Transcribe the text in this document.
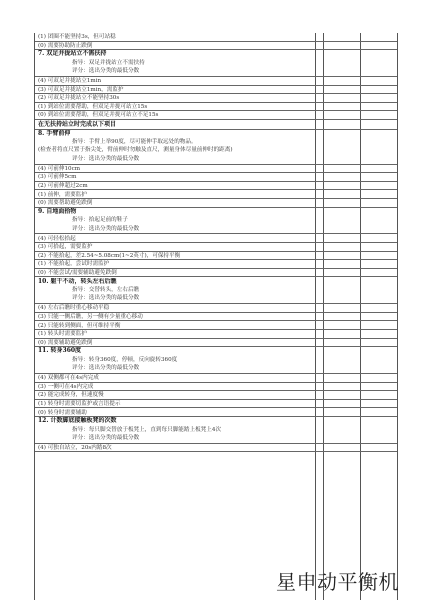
(1) 团圈不能坚持3s，但可站稳
(0) 需要协助防止跌倒
7. 双足并拢站立不需扶持
指导：双足并拢站立不需扶持
评分：选出分类的最低分数
(4) 可双足并拢站立1min
(3) 可双足并拢站立1min，需监护
(2) 可双足并拢站立不能坚持30s
(1) 到站位需要帮助，但双足并拢可站立15s
(0) 到站位需要帮助，但双足并拢可站立不足15s
在无扶持站立时完成以下项目
8. 手臂前伸
指导：手臂上举90度，尽可能伸手取远处的物品。
(检查者将直尺置于指尖处，臂前伸时勿触及直尺，测量身体尽量前伸时的距离)
评分：选出分类的最低分数
(4) 可前伸10cm
(3) 可前伸5cm
(2) 可前伸超过2cm
(1) 前伸，需要监护
(0) 需要帮助避免跌倒
9. 自地面拾物
指导：拾起足前的鞋子
评分：选出分类的最低分数
(4) 可轻松拾起
(3) 可拾起，需要监护
(2) 不能拾起，差2.54~5.08cm(1~2英寸)，可保持平衡
(1) 不能拾起，尝试时需监护
(0) 不能尝试/需要辅助避免跌倒
10. 躯干不动，转头左右后瞧
指导：交替转头，左右后瞧
评分：选出分类的最低分数
(4) 左右后瞧时重心移动平稳
(3) 只能一侧后瞧，另一侧有少量重心移动
(2) 只能转到侧面，但可维持平衡
(1) 转头时需要监护
(0) 需要辅助避免跌倒
11. 转身360度
指导：转身360度，停顿，反向旋转360度
评分：选出分类的最低分数
(4) 双侧都可在4s内完成
(3) 一侧可在4s内完成
(2) 能完成转身，但速度慢
(1) 转身时需要切监护或言语提示
(0) 转身时需要辅助
12. 计数脚底接触板凳的次数
指导：每只脚交替放于板凳上，直到每只脚能踏上板凳上4次
评分：选出分类的最低分数
(4) 可独自站立，20s内踏8次
星申动平衡机
